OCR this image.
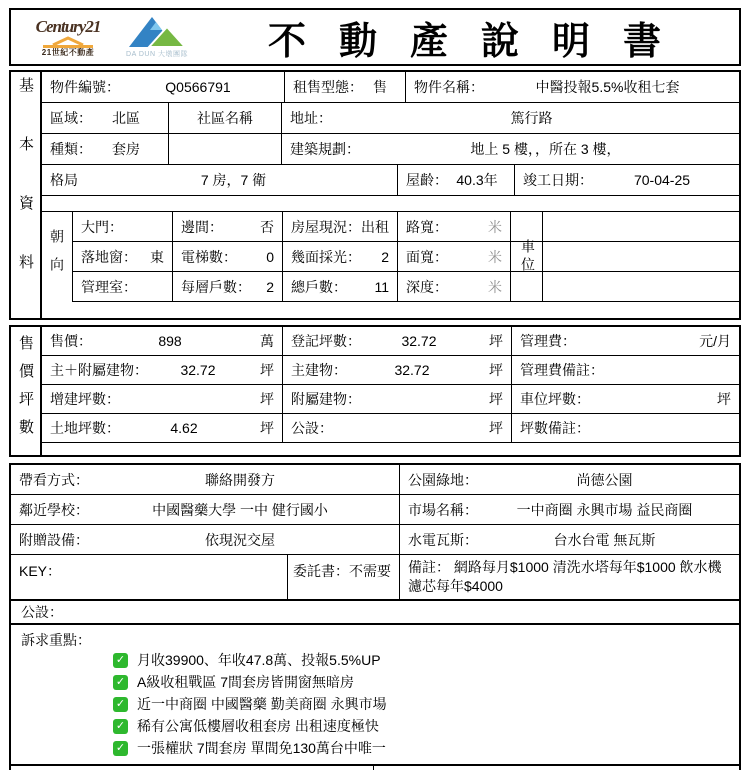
Century21
21世紀不動產	DA DUN 大墩團隊	不動產說明書
基本資料 物件編號：	Q0566791	租售型態： 售	物件名稱：	中醫投報5.5%收租七套
區域：	北區	社區名稱	地址：	篤行路
種類：	套房	建築規劃：	地上 5 樓，，所在 3 樓，
格局	7 房，7 衛	屋齡： 40.3年	竣工日期：	70-04-25
朝向
大門：	邊間：	否 房屋現況：出租 路寬：	米
落地窗： 東 電梯數：	0 幾面採光：	2 面寬：	米
管理室：	每層戶數：	2 總戶數：	11 深度：	米
車位
售價坪數 售價：	898	萬 登記坪數：	32.72	坪 管理費：	元/月
主＋附屬建物：	32.72	坪 主建物：	32.72	坪 管理費備註：
增建坪數：	坪 附屬建物：	坪 車位坪數：	坪
土地坪數：	4.62	坪 公設：	坪 坪數備註：
帶看方式：	聯絡開發方	公園綠地：	尚德公園
鄰近學校：	中國醫藥大學 一中 健行國小	市場名稱：	一中商圈 永興市場 益民商圈
附贈設備：	依現況交屋	水電瓦斯：	台水台電 無瓦斯
KEY：	委託書：不需要	備註： 網路每月$1000 清洗水塔每年$1000 飲水機濾芯每年$4000
公設：
訴求重點：
✓ 月收39900、年收47.8萬、投報5.5%UP
✓ A級收租戰區 7間套房皆開窗無暗房
✓ 近一中商圈 中國醫藥 勤美商圈 永興市場
✓ 稀有公寓低樓層收租套房 出租速度極快
✓ 一張權狀 7間套房 單間免130萬台中唯一
